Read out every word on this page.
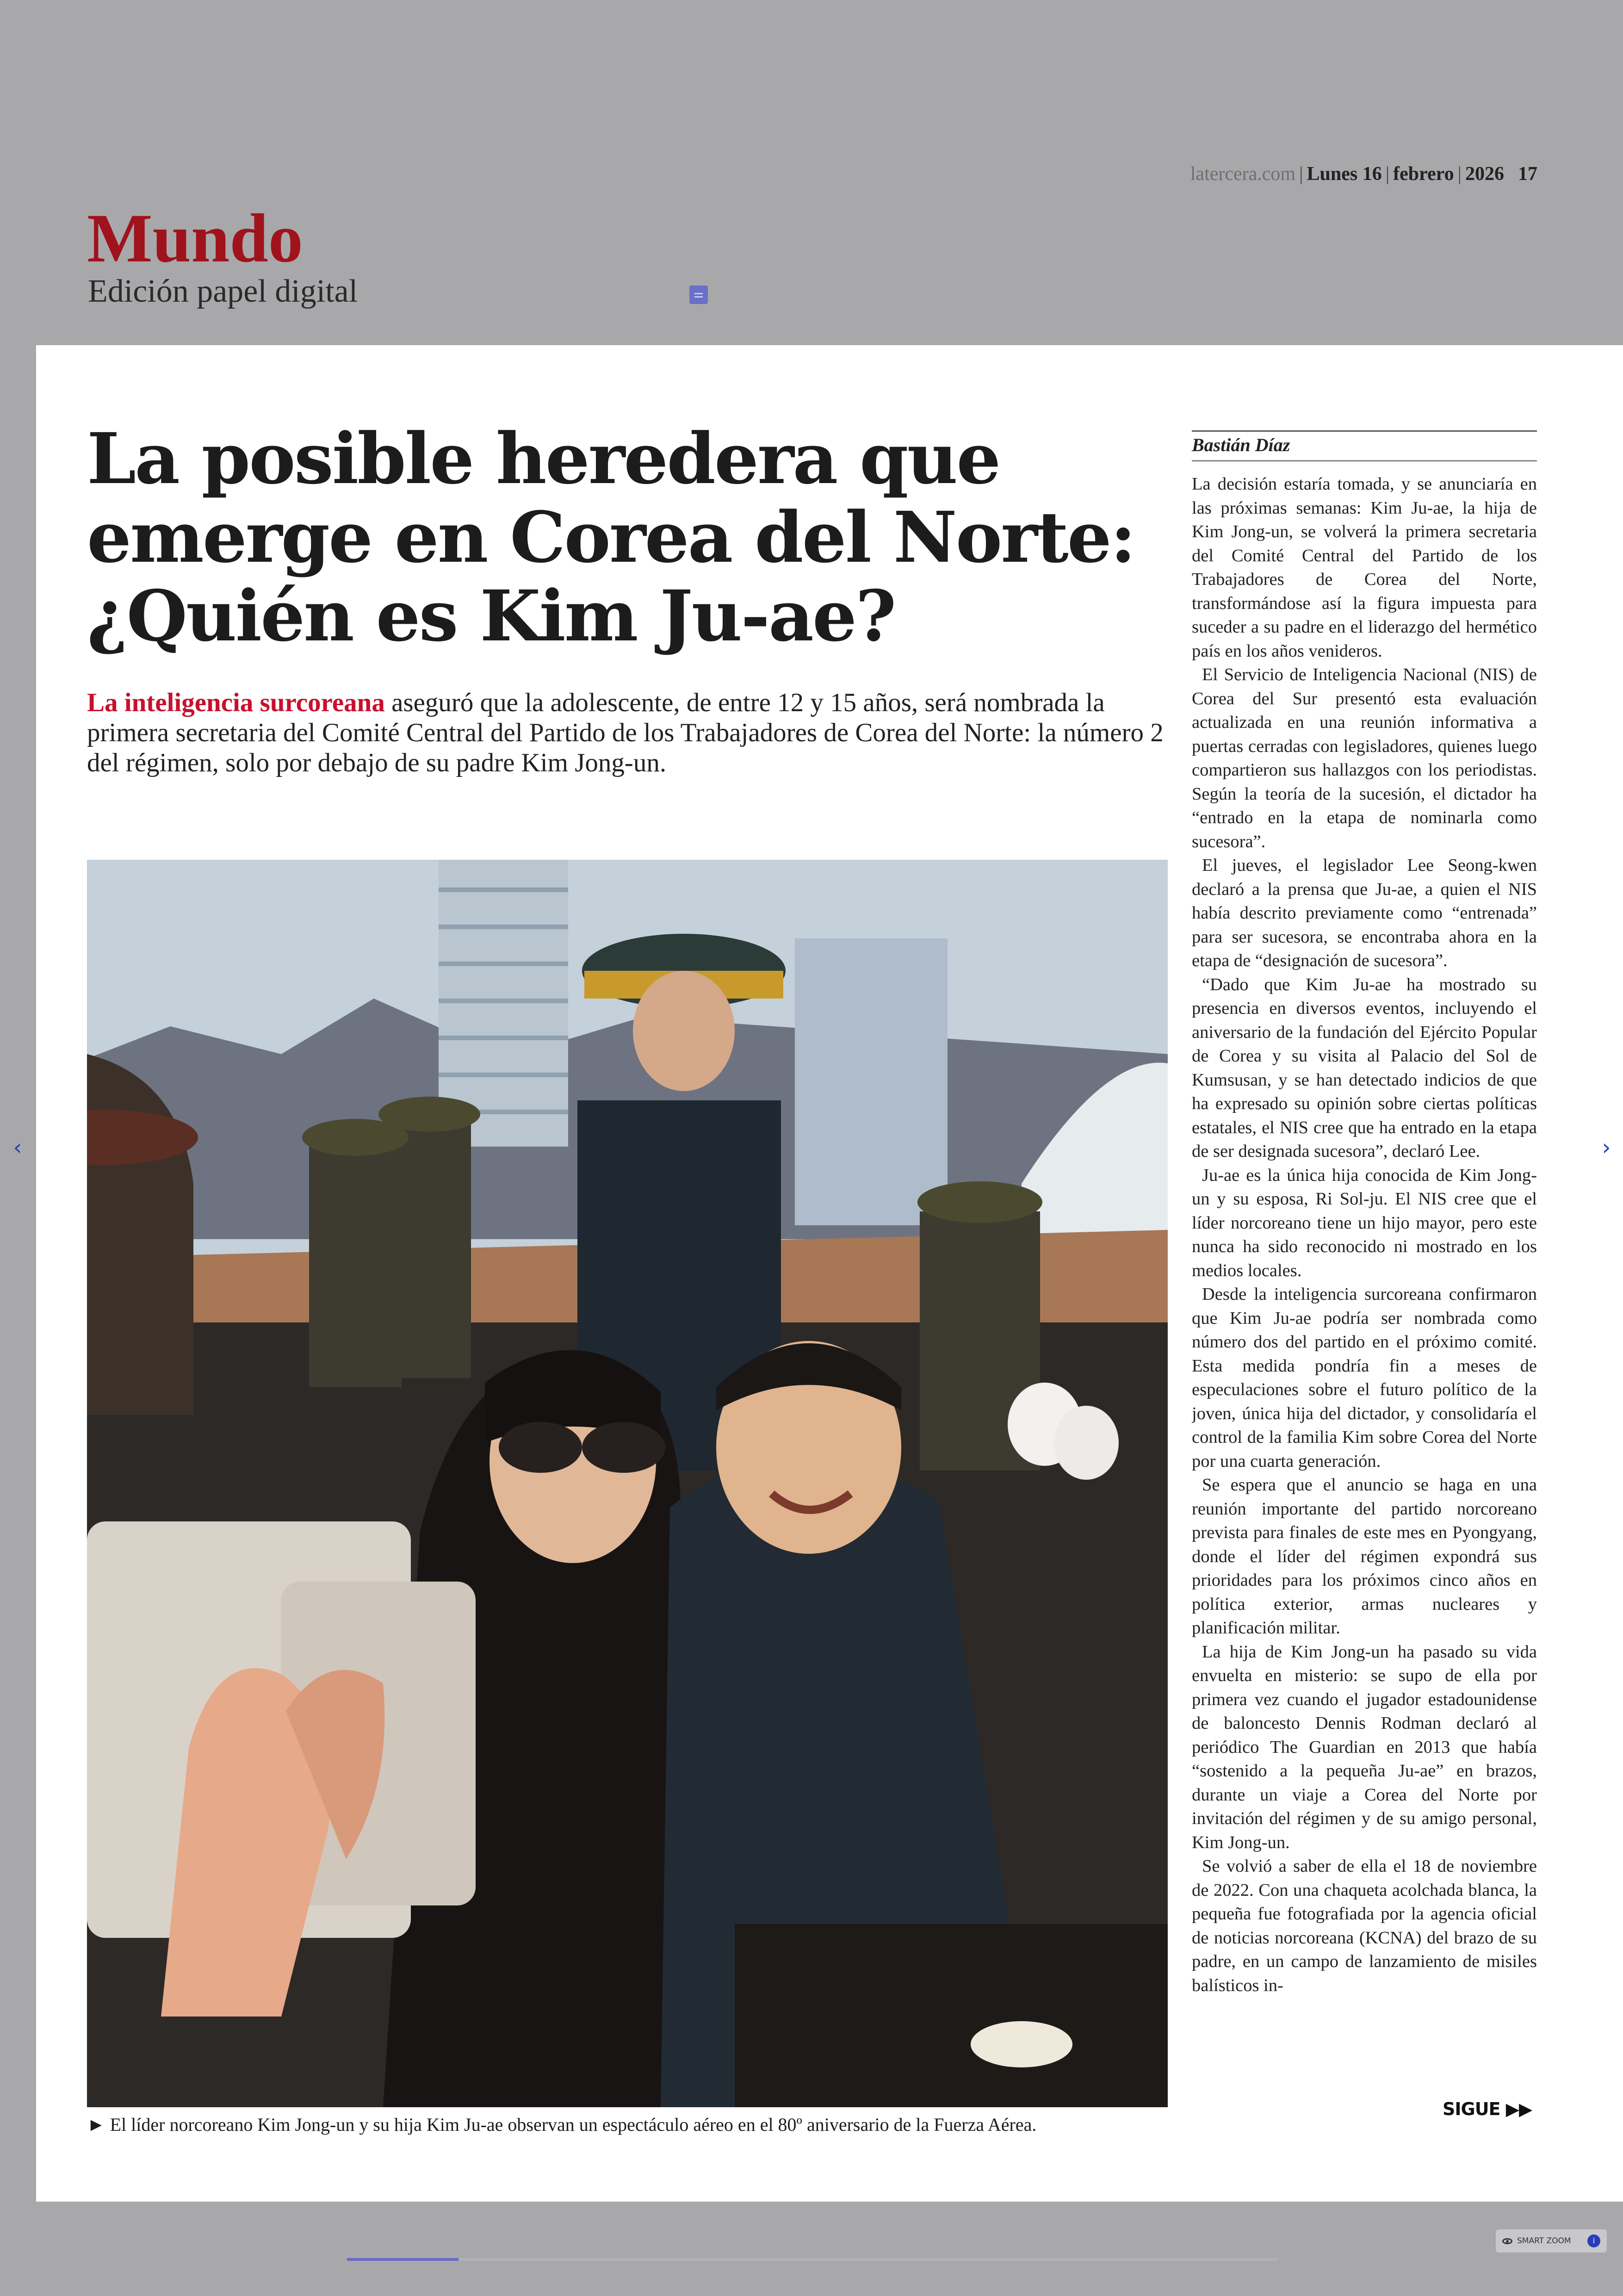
latercera.com | Lunes 16 | febrero | 2026 17
Mundo
Edición papel digital
La posible heredera que emerge en Corea del Norte: ¿Quién es Kim Ju-ae?
La inteligencia surcoreana aseguró que la adolescente, de entre 12 y 15 años, será nombrada la primera secretaria del Comité Central del Partido de los Trabajadores de Corea del Norte: la número 2 del régimen, solo por debajo de su padre Kim Jong-un.
► El líder norcoreano Kim Jong-un y su hija Kim Ju-ae observan un espectáculo aéreo en el 80º aniversario de la Fuerza Aérea.
Bastián Díaz

La decisión estaría tomada, y se anunciaría en las próximas semanas: Kim Ju-ae, la hija de Kim Jong-un, se volverá la primera secretaria del Comité Central del Partido de los Trabajadores de Corea del Norte, transformándose así la figura impuesta para suceder a su padre en el liderazgo del hermético país en los años venideros.

El Servicio de Inteligencia Nacional (NIS) de Corea del Sur presentó esta evaluación actualizada en una reunión informativa a puertas cerradas con legisladores, quienes luego compartieron sus hallazgos con los periodistas. Según la teoría de la sucesión, el dictador ha “entrado en la etapa de nominarla como sucesora”.

El jueves, el legislador Lee Seong-kwen declaró a la prensa que Ju-ae, a quien el NIS había descrito previamente como “entrenada” para ser sucesora, se encontraba ahora en la etapa de “designación de sucesora”.

“Dado que Kim Ju-ae ha mostrado su presencia en diversos eventos, incluyendo el aniversario de la fundación del Ejército Popular de Corea y su visita al Palacio del Sol de Kumsusan, y se han detectado indicios de que ha expresado su opinión sobre ciertas políticas estatales, el NIS cree que ha entrado en la etapa de ser designada sucesora”, declaró Lee.

Ju-ae es la única hija conocida de Kim Jong-un y su esposa, Ri Sol-ju. El NIS cree que el líder norcoreano tiene un hijo mayor, pero este nunca ha sido reconocido ni mostrado en los medios locales.

Desde la inteligencia surcoreana confirmaron que Kim Ju-ae podría ser nombrada como número dos del partido en el próximo comité. Esta medida pondría fin a meses de especulaciones sobre el futuro político de la joven, única hija del dictador, y consolidaría el control de la familia Kim sobre Corea del Norte por una cuarta generación.

Se espera que el anuncio se haga en una reunión importante del partido norcoreano prevista para finales de este mes en Pyongyang, donde el líder del régimen expondrá sus prioridades para los próximos cinco años en política exterior, armas nucleares y planificación militar.

La hija de Kim Jong-un ha pasado su vida envuelta en misterio: se supo de ella por primera vez cuando el jugador estadounidense de baloncesto Dennis Rodman declaró al periódico The Guardian en 2013 que había “sostenido a la pequeña Ju-ae” en brazos, durante un viaje a Corea del Norte por invitación del régimen y de su amigo personal, Kim Jong-un.

Se volvió a saber de ella el 18 de noviembre de 2022. Con una chaqueta acolchada blanca, la pequeña fue fotografiada por la agencia oficial de noticias norcoreana (KCNA) del brazo de su padre, en un campo de lanzamiento de misiles balísticos in-

SIGUE ▶▶
‹	›
SMART ZOOM	i
